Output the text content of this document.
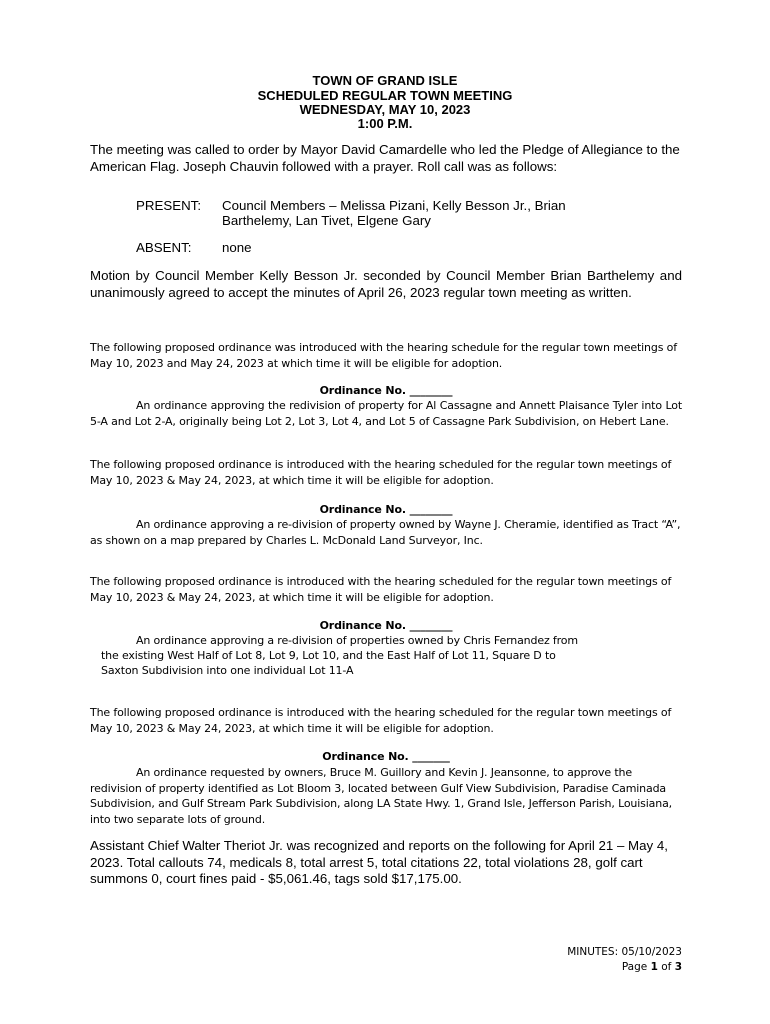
TOWN OF GRAND ISLE
SCHEDULED REGULAR TOWN MEETING
WEDNESDAY, MAY 10, 2023
1:00 P.M.

The meeting was called to order by Mayor David Camardelle who led the Pledge of Allegiance to the American Flag. Joseph Chauvin followed with a prayer. Roll call was as follows:

PRESENT: Council Members – Melissa Pizani, Kelly Besson Jr., Brian
Barthelemy, Lan Tivet, Elgene Gary
ABSENT: none

Motion by Council Member Kelly Besson Jr. seconded by Council Member Brian Barthelemy and unanimously agreed to accept the minutes of April 26, 2023 regular town meeting as written.

The following proposed ordinance was introduced with the hearing schedule for the regular town meetings of May 10, 2023 and May 24, 2023 at which time it will be eligible for adoption.

Ordinance No. ________

An ordinance approving the redivision of property for Al Cassagne and Annett Plaisance Tyler into Lot 5-A and Lot 2-A, originally being Lot 2, Lot 3, Lot 4, and Lot 5 of Cassagne Park Subdivision, on Hebert Lane.

The following proposed ordinance is introduced with the hearing scheduled for the regular town meetings of May 10, 2023 & May 24, 2023, at which time it will be eligible for adoption.

Ordinance No. ________

An ordinance approving a re-division of property owned by Wayne J. Cheramie, identified as Tract “A”, as shown on a map prepared by Charles L. McDonald Land Surveyor, Inc.

The following proposed ordinance is introduced with the hearing scheduled for the regular town meetings of May 10, 2023 & May 24, 2023, at which time it will be eligible for adoption.

Ordinance No. ________
An ordinance approving a re-division of properties owned by Chris Fernandez from
the existing West Half of Lot 8, Lot 9, Lot 10, and the East Half of Lot 11, Square D to
Saxton Subdivision into one individual Lot 11-A

The following proposed ordinance is introduced with the hearing scheduled for the regular town meetings of May 10, 2023 & May 24, 2023, at which time it will be eligible for adoption.

Ordinance No. _______

An ordinance requested by owners, Bruce M. Guillory and Kevin J. Jeansonne, to approve the redivision of property identified as Lot Bloom 3, located between Gulf View Subdivision, Paradise Caminada Subdivision, and Gulf Stream Park Subdivision, along LA State Hwy. 1, Grand Isle, Jefferson Parish, Louisiana, into two separate lots of ground.

Assistant Chief Walter Theriot Jr. was recognized and reports on the following for April 21 – May 4, 2023. Total callouts 74, medicals 8, total arrest 5, total citations 22, total violations 28, golf cart summons 0, court fines paid - $5,061.46, tags sold $17,175.00.

MINUTES: 05/10/2023
Page 1 of 3
